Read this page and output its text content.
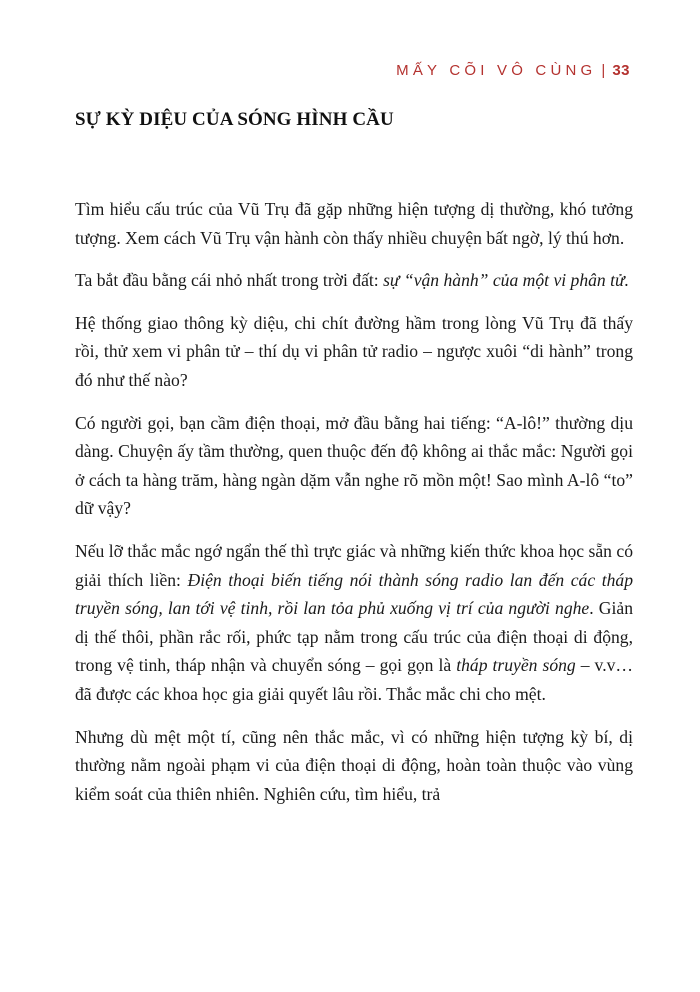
MẤY CÕI VÔ CÙNG | 33
SỰ KỲ DIỆU CỦA SÓNG HÌNH CẦU

Tìm hiểu cấu trúc của Vũ Trụ đã gặp những hiện tượng dị thường, khó tưởng tượng. Xem cách Vũ Trụ vận hành còn thấy nhiều chuyện bất ngờ, lý thú hơn.

Ta bắt đầu bằng cái nhỏ nhất trong trời đất: sự “vận hành” của một vi phân tử.

Hệ thống giao thông kỳ diệu, chi chít đường hầm trong lòng Vũ Trụ đã thấy rồi, thử xem vi phân tử – thí dụ vi phân tử radio – ngược xuôi “di hành” trong đó như thế nào?

Có người gọi, bạn cầm điện thoại, mở đầu bằng hai tiếng: “A-lô!” thường dịu dàng. Chuyện ấy tầm thường, quen thuộc đến độ không ai thắc mắc: Người gọi ở cách ta hàng trăm, hàng ngàn dặm vẫn nghe rõ mồn một! Sao mình A-lô “to” dữ vậy?

Nếu lỡ thắc mắc ngớ ngẩn thế thì trực giác và những kiến thức khoa học sẵn có giải thích liền: Điện thoại biến tiếng nói thành sóng radio lan đến các tháp truyền sóng, lan tới vệ tinh, rồi lan tỏa phủ xuống vị trí của người nghe. Giản dị thế thôi, phần rắc rối, phức tạp nằm trong cấu trúc của điện thoại di động, trong vệ tinh, tháp nhận và chuyển sóng – gọi gọn là tháp truyền sóng – v.v… đã được các khoa học gia giải quyết lâu rồi. Thắc mắc chi cho mệt.

Nhưng dù mệt một tí, cũng nên thắc mắc, vì có những hiện tượng kỳ bí, dị thường nằm ngoài phạm vi của điện thoại di động, hoàn toàn thuộc vào vùng kiểm soát của thiên nhiên. Nghiên cứu, tìm hiểu, trả
